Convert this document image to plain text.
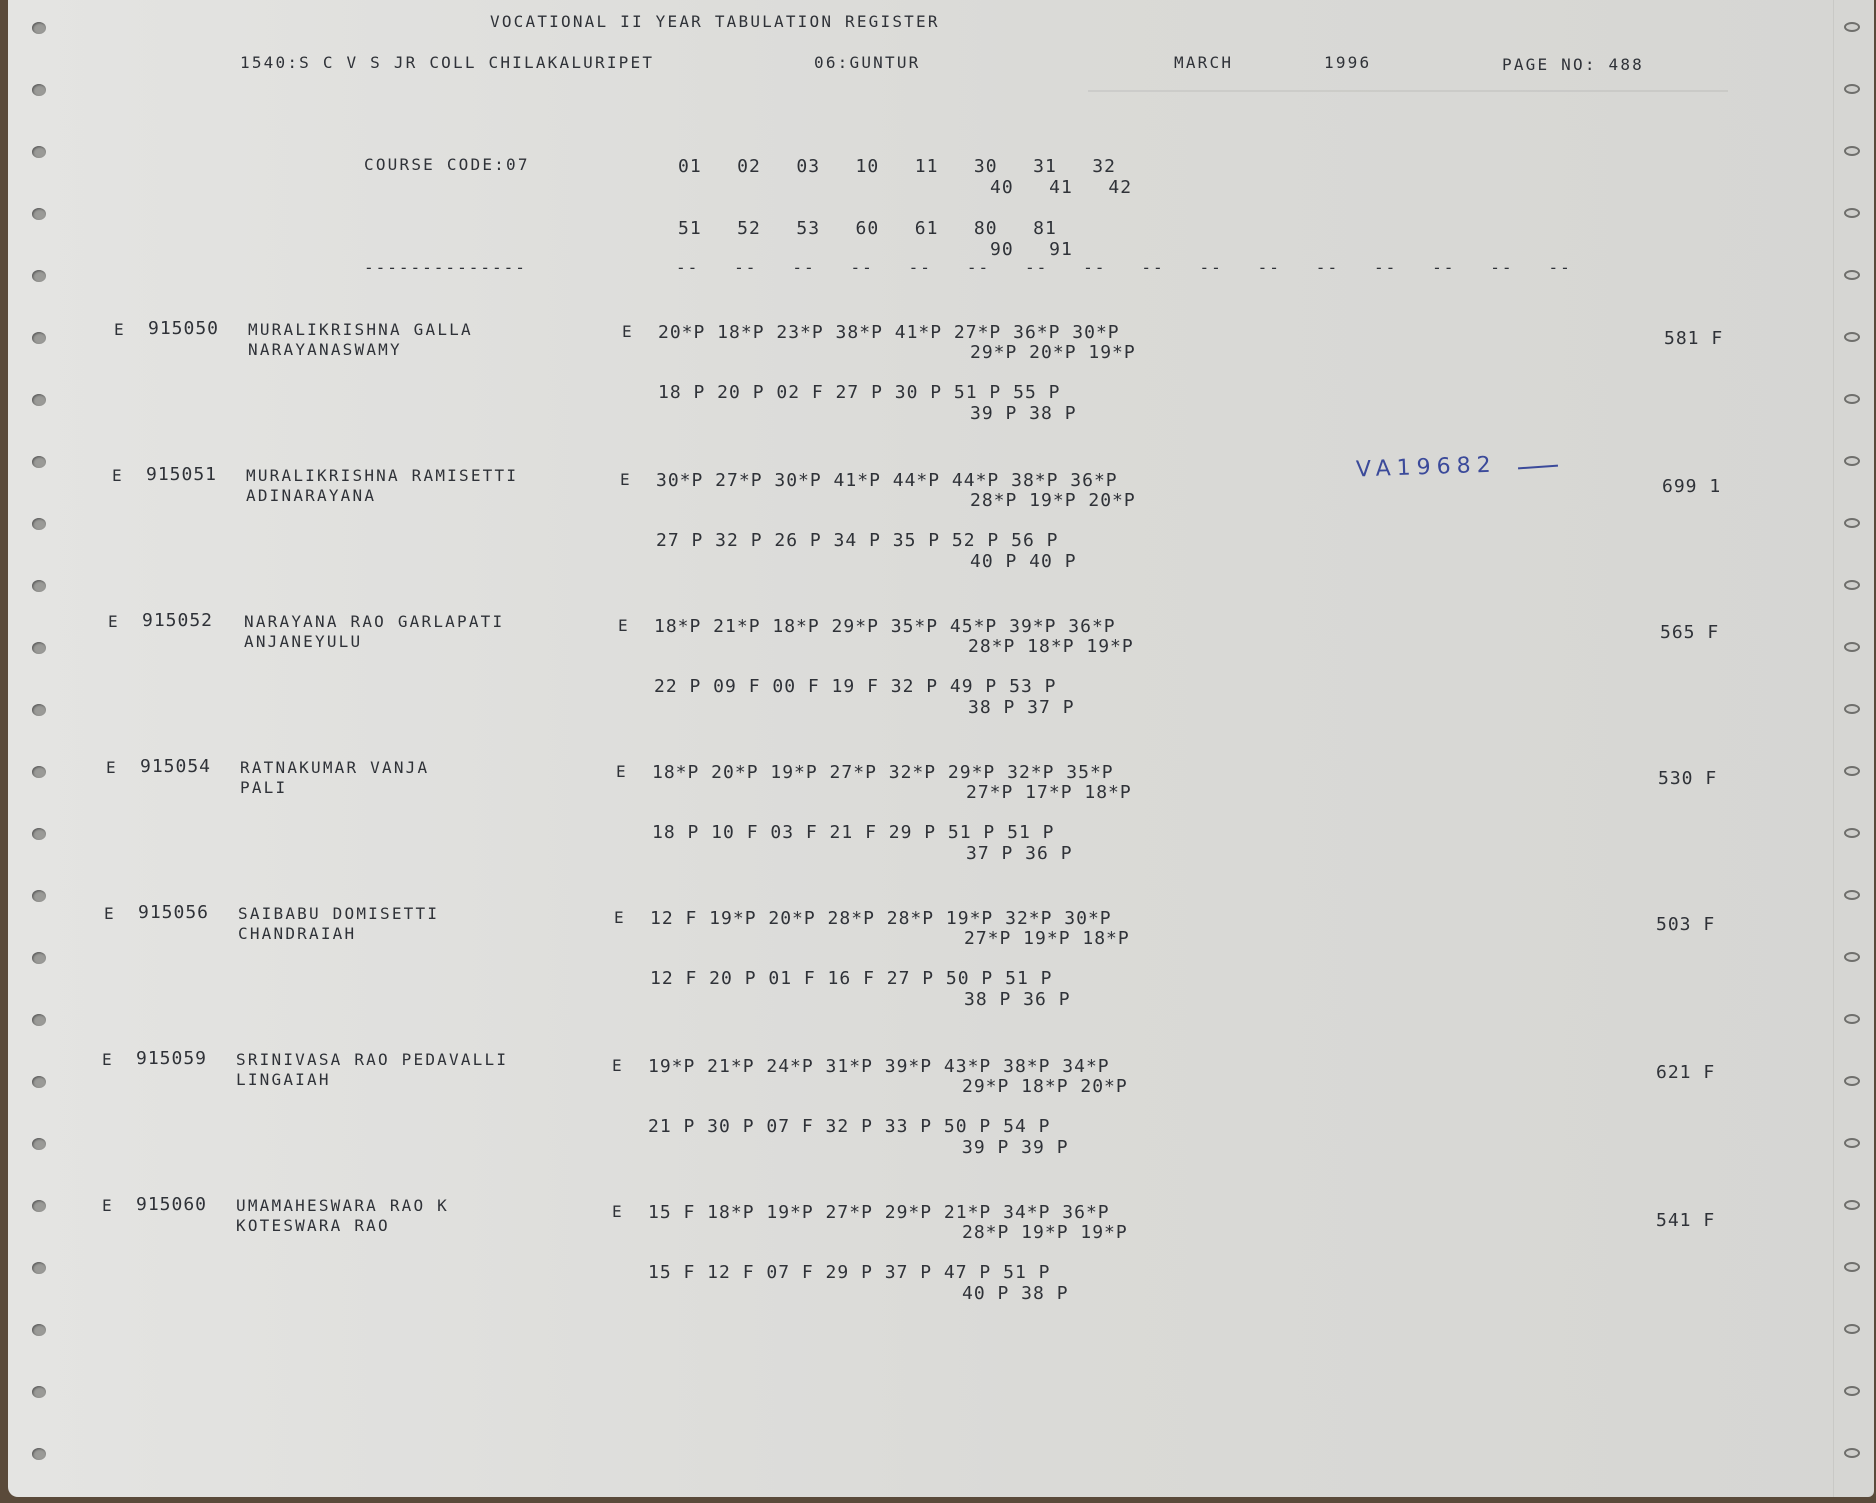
VOCATIONAL II YEAR TABULATION REGISTER
1540:S C V S JR COLL CHILAKALURIPET	06:GUNTUR	MARCH	1996	PAGE NO: 488
COURSE CODE:07	01   02   03   10   11   30   31   32
40   41   42
51   52   53   60   61   80   81
90   91
--------------	--   --   --   --   --   --   --   --   --   --   --   --   --   --   --   --
E 915050 MURALIKRISHNA GALLA
NARAYANASWAMY
E 20*P 18*P 23*P 38*P 41*P 27*P 36*P 30*P
29*P 20*P 19*P
18 P 20 P 02 F 27 P 30 P 51 P 55 P
39 P 38 P
581 F
E 915051 MURALIKRISHNA RAMISETTI
ADINARAYANA
E 30*P 27*P 30*P 41*P 44*P 44*P 38*P 36*P
28*P 19*P 20*P
27 P 32 P 26 P 34 P 35 P 52 P 56 P
40 P 40 P
699 1
E 915052 NARAYANA RAO GARLAPATI
ANJANEYULU
E 18*P 21*P 18*P 29*P 35*P 45*P 39*P 36*P
28*P 18*P 19*P
22 P 09 F 00 F 19 F 32 P 49 P 53 P
38 P 37 P
565 F
E 915054 RATNAKUMAR VANJA
PALI
E 18*P 20*P 19*P 27*P 32*P 29*P 32*P 35*P
27*P 17*P 18*P
18 P 10 F 03 F 21 F 29 P 51 P 51 P
37 P 36 P
530 F
E 915056 SAIBABU DOMISETTI
CHANDRAIAH
E 12 F 19*P 20*P 28*P 28*P 19*P 32*P 30*P
27*P 19*P 18*P
12 F 20 P 01 F 16 F 27 P 50 P 51 P
38 P 36 P
503 F
E 915059 SRINIVASA RAO PEDAVALLI
LINGAIAH
E 19*P 21*P 24*P 31*P 39*P 43*P 38*P 34*P
29*P 18*P 20*P
21 P 30 P 07 F 32 P 33 P 50 P 54 P
39 P 39 P
621 F
E 915060 UMAMAHESWARA RAO K
KOTESWARA RAO
E 15 F 18*P 19*P 27*P 29*P 21*P 34*P 36*P
28*P 19*P 19*P
15 F 12 F 07 F 29 P 37 P 47 P 51 P
40 P 38 P
541 F
VA19682
